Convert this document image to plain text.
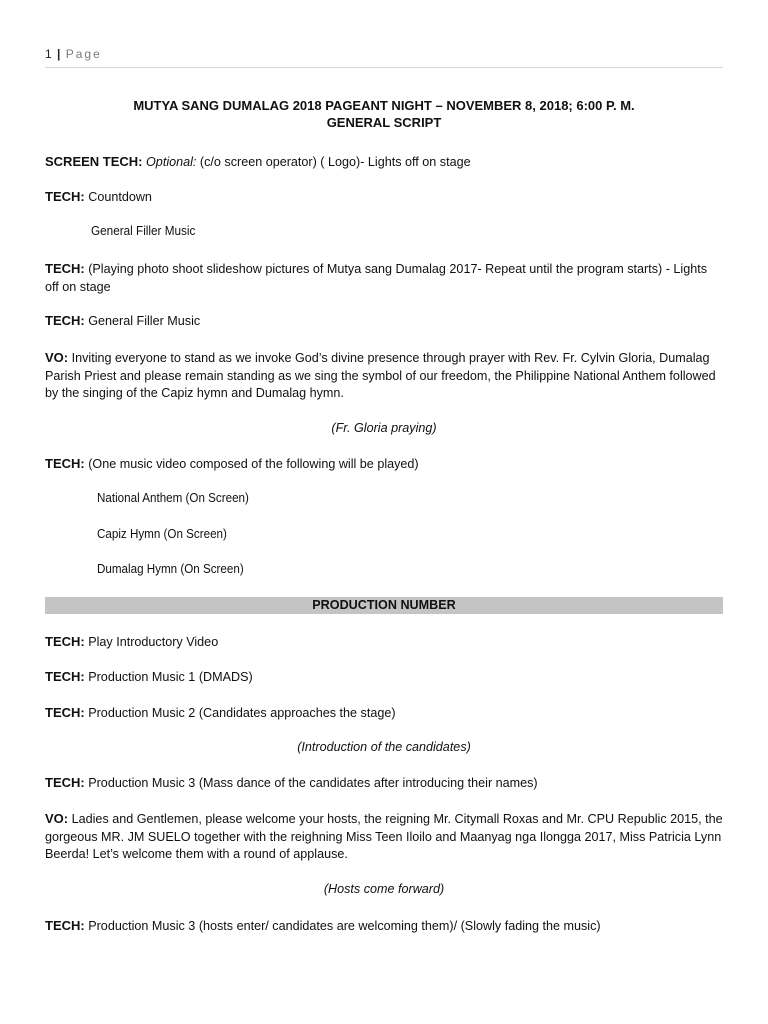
1 | Page
MUTYA SANG DUMALAG 2018 PAGEANT NIGHT – NOVEMBER 8, 2018; 6:00 P. M.
GENERAL SCRIPT
SCREEN TECH: Optional: (c/o screen operator) ( Logo)- Lights off on stage
TECH: Countdown
General Filler Music
TECH: (Playing photo shoot slideshow pictures of Mutya sang Dumalag 2017- Repeat until the program starts) - Lights off on stage
TECH: General Filler Music
VO: Inviting everyone to stand as we invoke God’s divine presence through prayer with Rev. Fr. Cylvin Gloria, Dumalag Parish Priest and please remain standing as we sing the symbol of our freedom, the Philippine National Anthem followed by the singing of the Capiz hymn and Dumalag hymn.
(Fr. Gloria praying)
TECH: (One music video composed of the following will be played)
National Anthem (On Screen)
Capiz Hymn (On Screen)
Dumalag Hymn (On Screen)
PRODUCTION NUMBER
TECH: Play Introductory Video
TECH: Production Music 1 (DMADS)
TECH: Production Music 2 (Candidates approaches the stage)
(Introduction of the candidates)
TECH: Production Music 3 (Mass dance of the candidates after introducing their names)
VO: Ladies and Gentlemen, please welcome your hosts, the reigning Mr. Citymall Roxas and Mr. CPU Republic 2015, the gorgeous MR. JM SUELO together with the reighning Miss Teen Iloilo and Maanyag nga Ilongga 2017, Miss Patricia Lynn Beerda! Let’s welcome them with a round of applause.
(Hosts come forward)
TECH: Production Music 3 (hosts enter/ candidates are welcoming them)/ (Slowly fading the music)
